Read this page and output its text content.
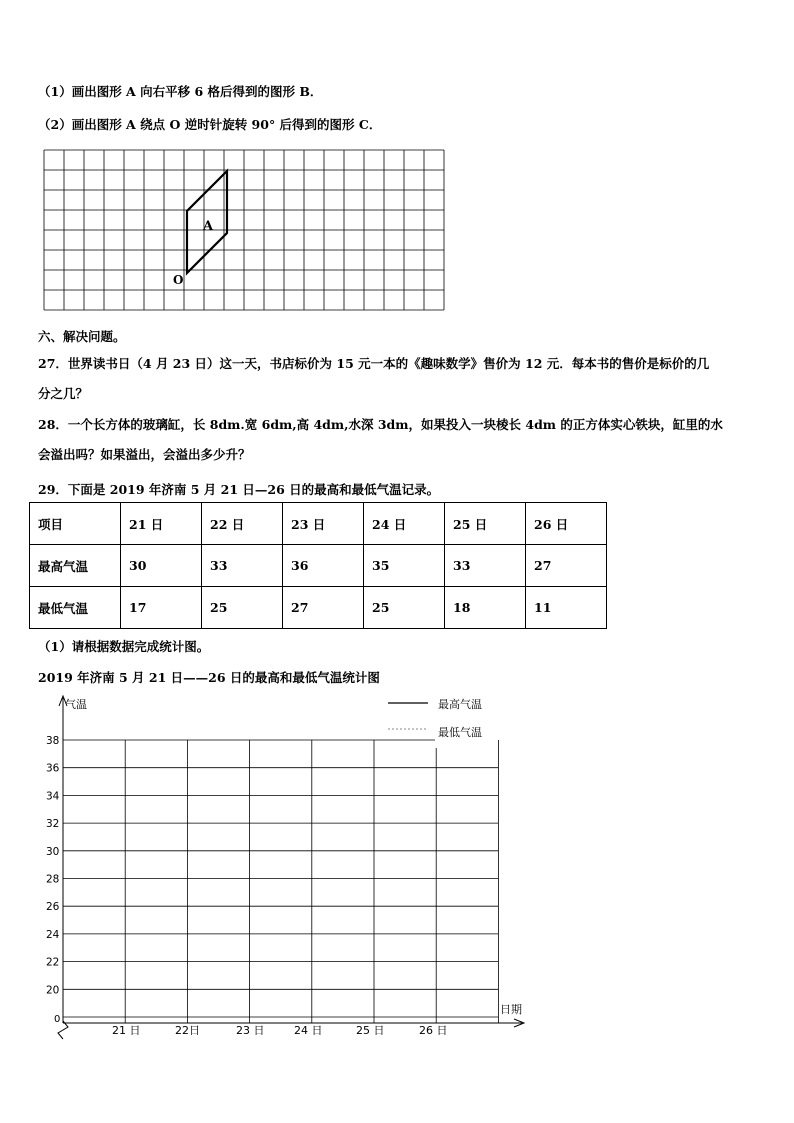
（1）画出图形 A 向右平移 6 格后得到的图形 B．
（2）画出图形 A 绕点 O 逆时针旋转 90° 后得到的图形 C．
A
O
六、解决问题。
27．世界读书日（4 月 23 日）这一天，书店标价为 15 元一本的《趣味数学》售价为 12 元．每本书的售价是标价的几
分之几？
28．一个长方体的玻璃缸，长 8dm.宽 6dm,高 4dm,水深 3dm，如果投入一块棱长 4dm 的正方体实心铁块，缸里的水
会溢出吗？如果溢出，会溢出多少升？
29．下面是 2019 年济南 5 月 21 日—26 日的最高和最低气温记录。
项目	21 日	22 日	23 日	24 日	25 日	26 日
最高气温	30	33	36	35	33	27
最低气温	17	25	27	25	18	11
（1）请根据数据完成统计图。
2019 年济南 5 月 21 日——26 日的最高和最低气温统计图
38
36
34
32
30
28
26
24
22
20
0
气温
日期
21 日	22日	23 日	24 日	25 日	26 日
最高气温
最低气温
